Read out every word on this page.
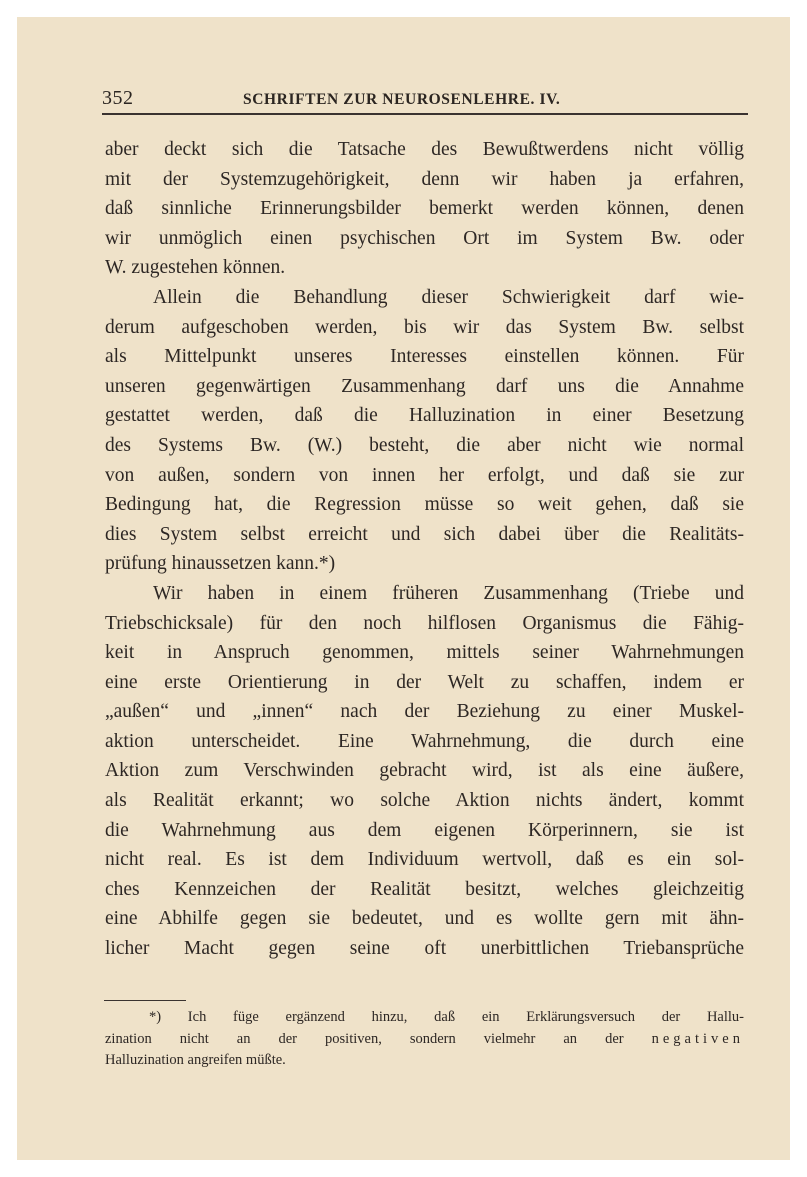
352	SCHRIFTEN ZUR NEUROSENLEHRE. IV.
aber deckt sich die Tatsache des Bewußtwerdens nicht völlig
mit der Systemzugehörigkeit, denn wir haben ja erfahren,
daß sinnliche Erinnerungsbilder bemerkt werden können, denen
wir unmöglich einen psychischen Ort im System Bw. oder
W. zugestehen können.
Allein die Behandlung dieser Schwierigkeit darf wie-
derum aufgeschoben werden, bis wir das System Bw. selbst
als Mittelpunkt unseres Interesses einstellen können. Für
unseren gegenwärtigen Zusammenhang darf uns die Annahme
gestattet werden, daß die Halluzination in einer Besetzung
des Systems Bw. (W.) besteht, die aber nicht wie normal
von außen, sondern von innen her erfolgt, und daß sie zur
Bedingung hat, die Regression müsse so weit gehen, daß sie
dies System selbst erreicht und sich dabei über die Realitäts-
prüfung hinaussetzen kann.*)
Wir haben in einem früheren Zusammenhang (Triebe und
Triebschicksale) für den noch hilflosen Organismus die Fähig-
keit in Anspruch genommen, mittels seiner Wahrnehmungen
eine erste Orientierung in der Welt zu schaffen, indem er
„außen“ und „innen“ nach der Beziehung zu einer Muskel-
aktion unterscheidet. Eine Wahrnehmung, die durch eine
Aktion zum Verschwinden gebracht wird, ist als eine äußere,
als Realität erkannt; wo solche Aktion nichts ändert, kommt
die Wahrnehmung aus dem eigenen Körperinnern, sie ist
nicht real. Es ist dem Individuum wertvoll, daß es ein sol-
ches Kennzeichen der Realität besitzt, welches gleichzeitig
eine Abhilfe gegen sie bedeutet, und es wollte gern mit ähn-
licher Macht gegen seine oft unerbittlichen Triebansprüche
*) Ich füge ergänzend hinzu, daß ein Erklärungsversuch der Hallu-
zination nicht an der positiven, sondern vielmehr an der negativen
Halluzination angreifen müßte.
